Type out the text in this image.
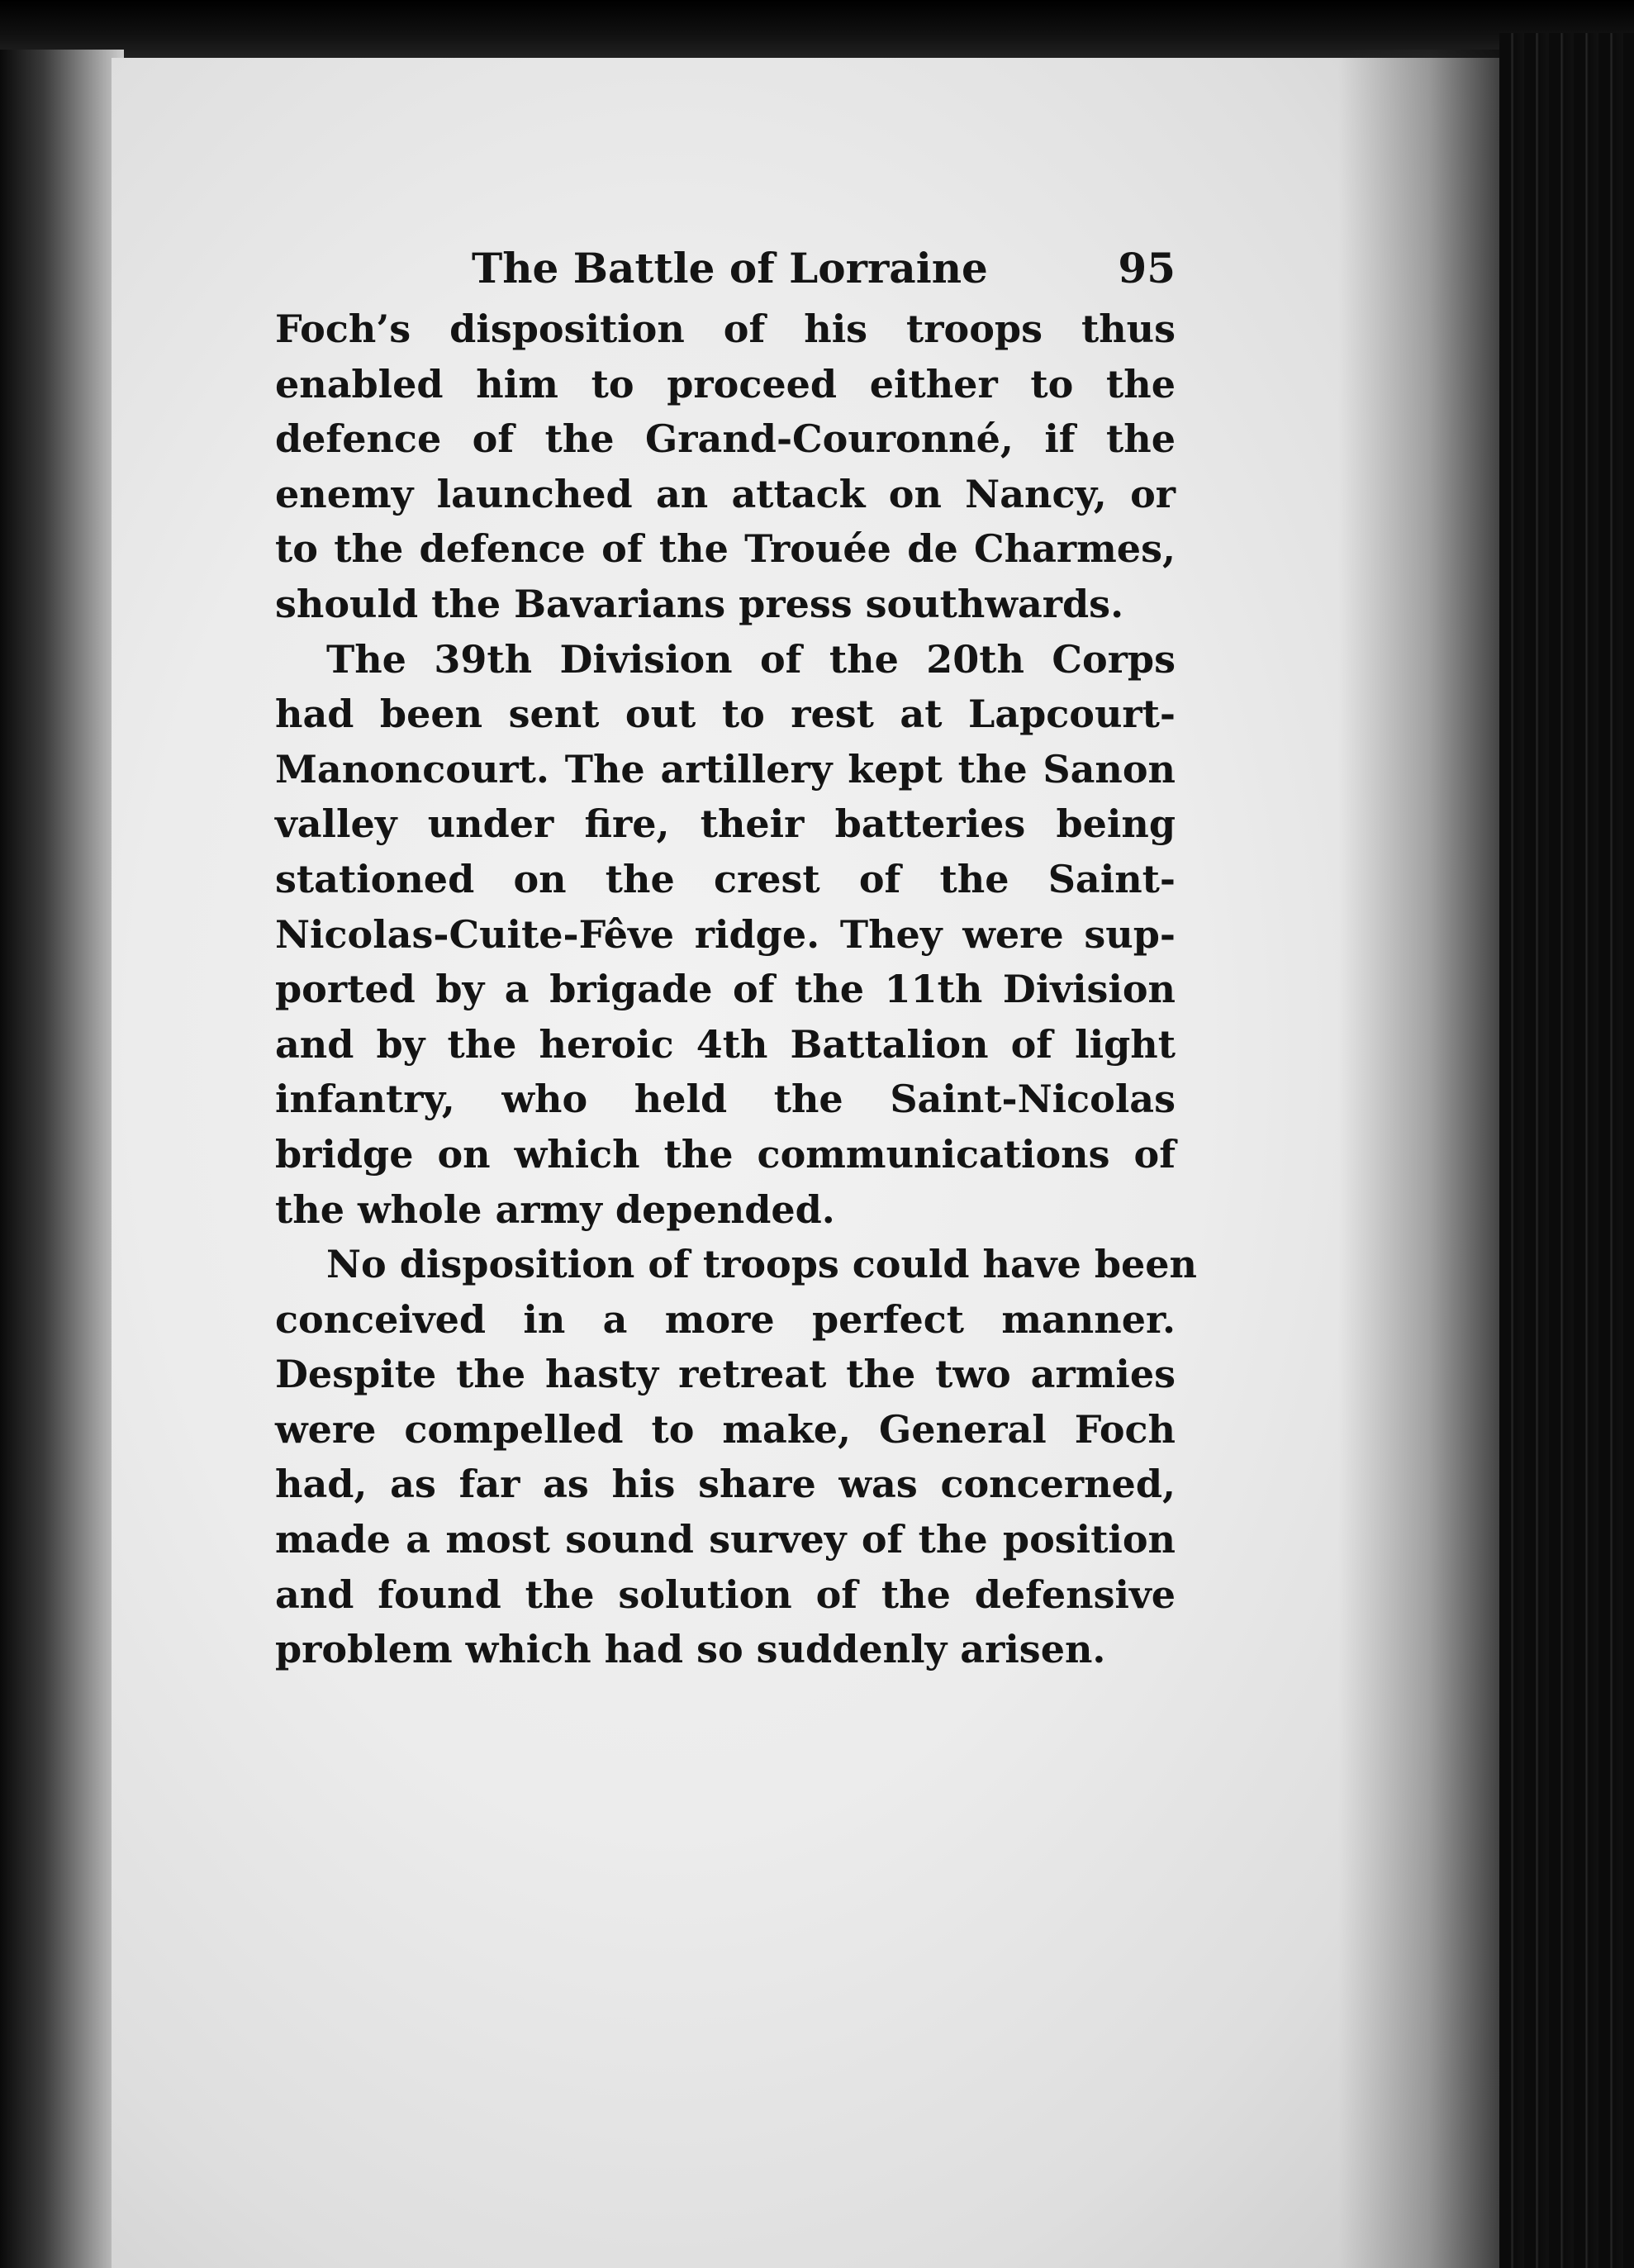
The Battle of Lorraine	95
Foch’s disposition of his troops thus
enabled him to proceed either to the
defence of the Grand-Couronné, if the
enemy launched an attack on Nancy, or
to the defence of the Trouée de Charmes,
should the Bavarians press southwards.
The 39th Division of the 20th Corps
had been sent out to rest at Lapcourt-
Manoncourt. The artillery kept the Sanon
valley under fire, their batteries being
stationed on the crest of the Saint-
Nicolas-Cuite-Fêve ridge. They were sup-
ported by a brigade of the 11th Division
and by the heroic 4th Battalion of light
infantry, who held the Saint-Nicolas
bridge on which the communications of
the whole army depended.
No disposition of troops could have been
conceived in a more perfect manner.
Despite the hasty retreat the two armies
were compelled to make, General Foch
had, as far as his share was concerned,
made a most sound survey of the position
and found the solution of the defensive
problem which had so suddenly arisen.
